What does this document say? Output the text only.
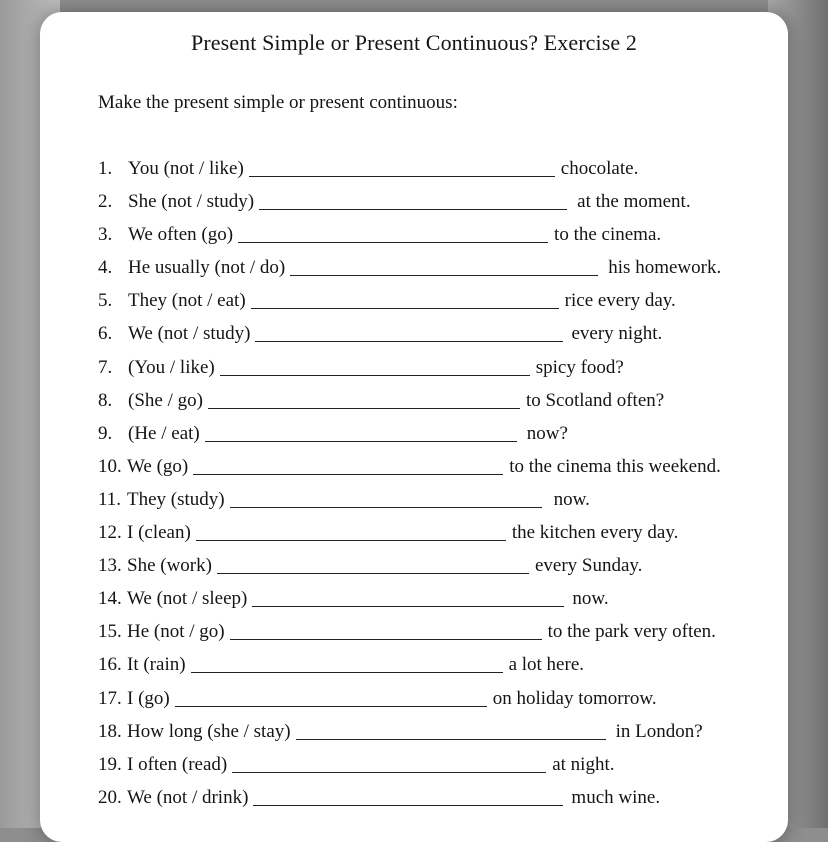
Present Simple or Present Continuous? Exercise 2
Make the present simple or present continuous:
1. You (not / like)	chocolate.
2. She (not / study)	at the moment.
3. We often (go)	to the cinema.
4. He usually (not / do)	his homework.
5. They (not / eat)	rice every day.
6. We (not / study)	every night.
7. (You / like)	spicy food?
8. (She / go)	to Scotland often?
9. (He / eat)	now?
10. We (go)	to the cinema this weekend.
11. They (study)	now.
12. I (clean)	the kitchen every day.
13. She (work)	every Sunday.
14. We (not / sleep)	now.
15. He (not / go)	to the park very often.
16. It (rain)	a lot here.
17. I (go)	on holiday tomorrow.
18. How long (she / stay)	in London?
19. I often (read)	at night.
20. We (not / drink)	much wine.
